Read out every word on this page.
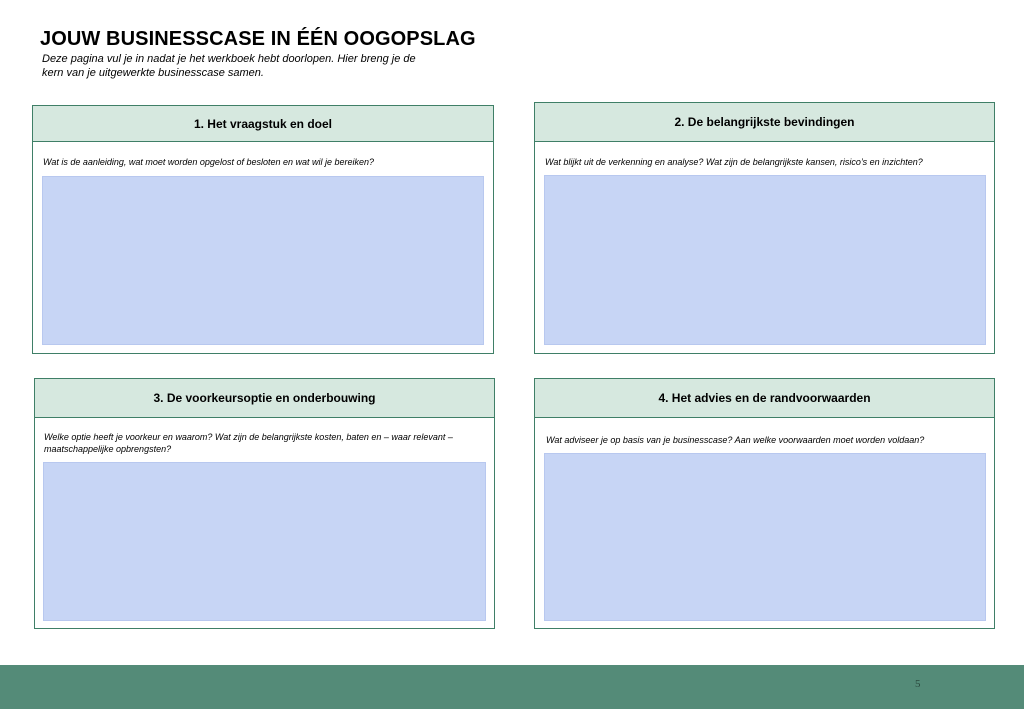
JOUW BUSINESSCASE IN ÉÉN OOGOPSLAG

Deze pagina vul je in nadat je het werkboek hebt doorlopen. Hier breng je de kern van je uitgewerkte businesscase samen.

1. Het vraagstuk en doel
Wat is de aanleiding, wat moet worden opgelost of besloten en wat wil je bereiken?
2. De belangrijkste bevindingen
Wat blijkt uit de verkenning en analyse? Wat zijn de belangrijkste kansen, risico’s en inzichten?
3. De voorkeursoptie en onderbouwing
Welke optie heeft je voorkeur en waarom? Wat zijn de belangrijkste kosten, baten en – waar relevant – maatschappelijke opbrengsten?
4. Het advies en de randvoorwaarden
Wat adviseer je op basis van je businesscase? Aan welke voorwaarden moet worden voldaan?
5
